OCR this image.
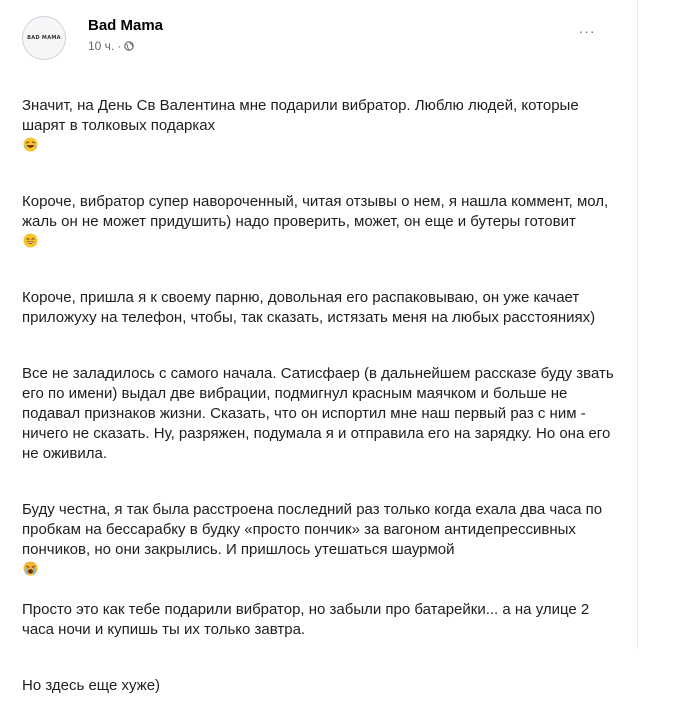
BAD MAMA
Bad Mama
10 ч. ·
···

Значит, на День Св Валентина мне подарили вибратор. Люблю людей, которые шарят в толковых подарках

Короче, вибратор супер навороченный, читая отзывы о нем, я нашла коммент, мол, жаль он не может придушить) надо проверить, может, он еще и бутеры готовит

Короче, пришла я к своему парню, довольная его распаковываю, он уже качает приложуху на телефон, чтобы, так сказать, истязать меня на любых расстояниях)

Все не заладилось с самого начала. Сатисфаер (в дальнейшем рассказе буду звать его по имени) выдал две вибрации, подмигнул красным маячком и больше не подавал признаков жизни. Сказать, что он испортил мне наш первый раз с ним - ничего не сказать. Ну, разряжен, подумала я и отправила его на зарядку. Но она его не оживила.

Буду честна, я так была расстроена последний раз только когда ехала два часа по пробкам на бессарабку в будку «просто пончик» за вагоном антидепрессивных пончиков, но они закрылись. И пришлось утешаться шаурмой

Просто это как тебе подарили вибратор, но забыли про батарейки... а на улице 2 часа ночи и купишь ты их только завтра.

Но здесь еще хуже)
